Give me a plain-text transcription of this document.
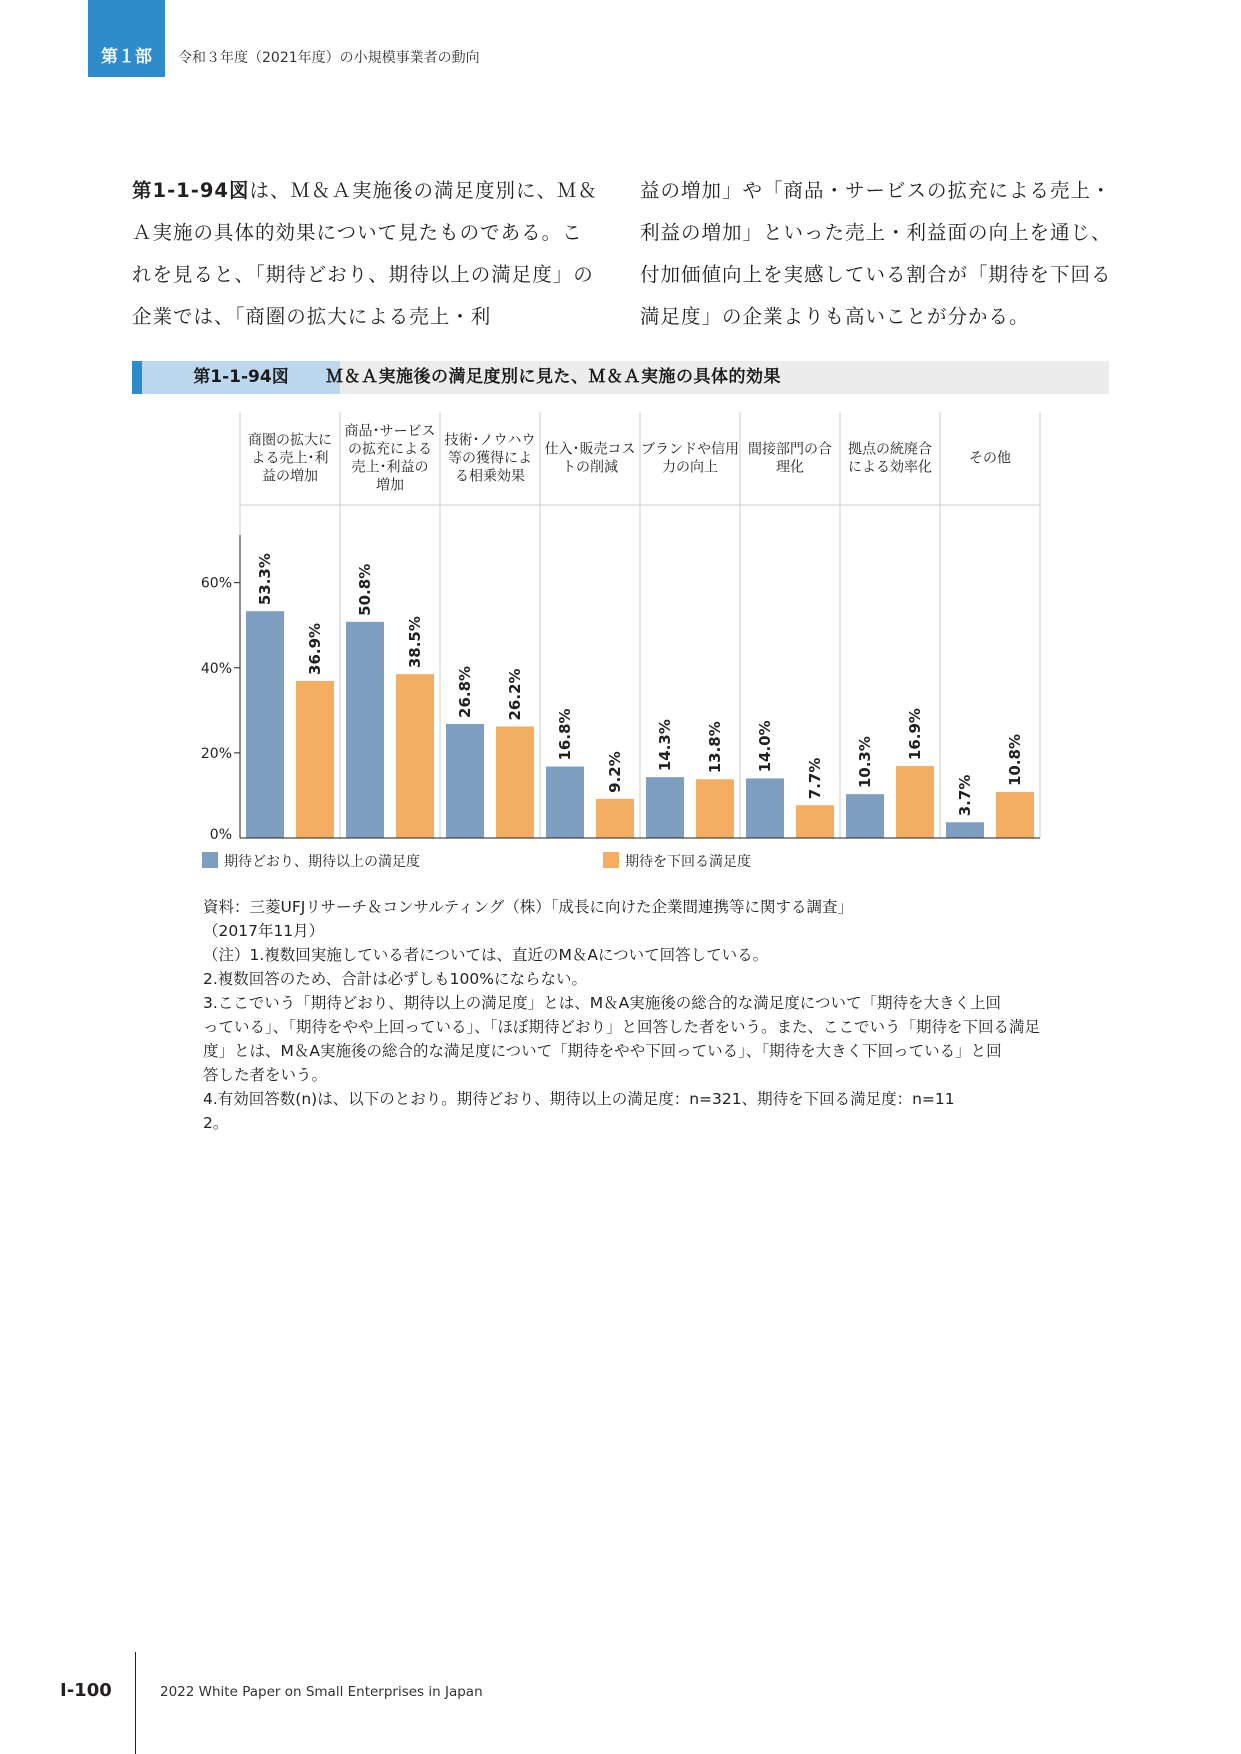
第１部	令和３年度（2021年度）の小規模事業者の動向
第1-1-94図は、Ｍ＆Ａ実施後の満足度別に、Ｍ＆Ａ実施の具体的効果について見たものである。これを見ると、「期待どおり、期待以上の満足度」の企業では、「商圏の拡大による売上・利
益の増加」や「商品・サービスの拡充による売上・利益の増加」といった売上・利益面の向上を通じ、付加価値向上を実感している割合が「期待を下回る満足度」の企業よりも高いことが分かる。
第1-1-94図	Ｍ＆Ａ実施後の満足度別に見た、Ｍ＆Ａ実施の具体的効果
商圏の拡大に
よる売上･利
益の増加
商品･サービス
の拡充による
売上･利益の
増加
技術･ノウハウ
等の獲得によ
る相乗効果
仕入･販売コス
トの削減
ブランドや信用
力の向上
間接部門の合
理化
拠点の統廃合
による効率化
その他
0%
20%
40%
60% 53.3%	50.8%
26.8%
16.8%	14.3%	14.0%	10.3%
3.7%
36.9%	38.5%
26.2%
9.2%	13.8%
7.7%
16.9%	10.8%
期待どおり、期待以上の満足度	期待を下回る満足度
資料：三菱UFJリサーチ＆コンサルティング（株）「成長に向けた企業間連携等に関する調査」
（2017年11月）
（注）1.複数回実施している者については、直近のM＆Aについて回答している。
2.複数回答のため、合計は必ずしも100%にならない。
3.ここでいう「期待どおり、期待以上の満足度」とは、M＆A実施後の総合的な満足度について「期待を大きく上回
っている」、「期待をやや上回っている」、「ほぼ期待どおり」と回答した者をいう。また、ここでいう「期待を下回る満足
度」とは、M＆A実施後の総合的な満足度について「期待をやや下回っている」、「期待を大きく下回っている」と回
答した者をいう。
4.有効回答数(n)は、以下のとおり。期待どおり、期待以上の満足度：n=321、期待を下回る満足度：n=11
2。
Ⅰ-100	2022 White Paper on Small Enterprises in Japan
